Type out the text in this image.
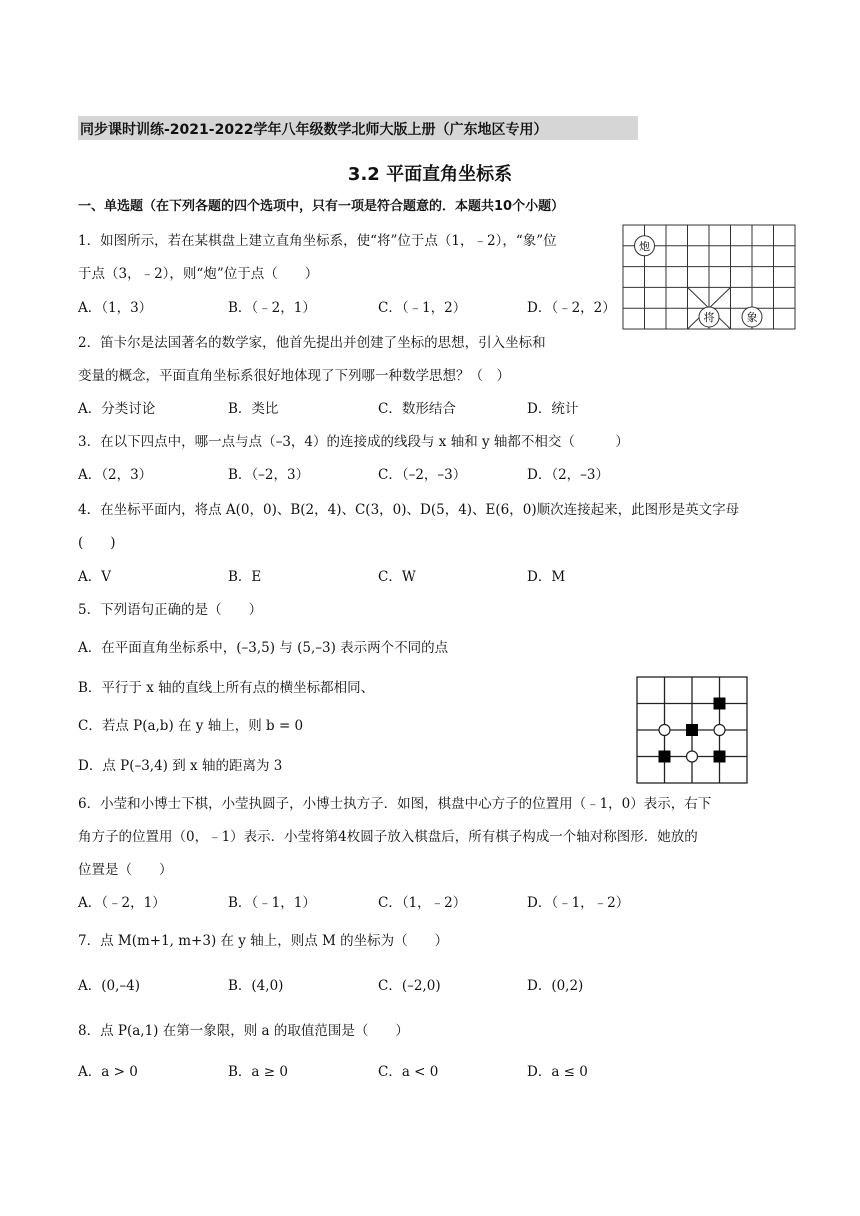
同步课时训练-2021-2022学年八年级数学北师大版上册（广东地区专用）
3.2 平面直角坐标系
一、单选题（在下列各题的四个选项中，只有一项是符合题意的．本题共10个小题）
1．如图所示，若在某棋盘上建立直角坐标系，使“将”位于点（1，﹣2），“象”位
于点（3，﹣2），则“炮”位于点（　　）
A．（1，3）	B．（﹣2，1）	C．（﹣1，2）	D．（﹣2，2）
炮
将	象
2．笛卡尔是法国著名的数学家，他首先提出并创建了坐标的思想，引入坐标和
变量的概念，平面直角坐标系很好地体现了下列哪一种数学思想？（　）
A．分类讨论	B．类比	C．数形结合	D．统计
3．在以下四点中，哪一点与点（–3，4）的连接成的线段与 x 轴和 y 轴都不相交（　　　）
A．（2，3）	B．（–2，3）	C．（–2，–3）	D．（2，–3）
4．在坐标平面内，将点 A(0，0)、B(2，4)、C(3，0)、D(5，4)、E(6，0)顺次连接起来，此图形是英文字母
(　　)
A．V	B．E	C．W	D．M
5．下列语句正确的是（　　）
A．在平面直角坐标系中，(–3,5) 与 (5,–3) 表示两个不同的点
B．平行于 x 轴的直线上所有点的横坐标都相同、
C．若点 P(a,b) 在 y 轴上，则 b = 0
D．点 P(–3,4) 到 x 轴的距离为 3
6．小莹和小博士下棋，小莹执圆子，小博士执方子．如图，棋盘中心方子的位置用（﹣1，0）表示，右下
角方子的位置用（0，﹣1）表示．小莹将第4枚圆子放入棋盘后，所有棋子构成一个轴对称图形．她放的
位置是（　　）
A．（﹣2，1）	B．（﹣1，1）	C．（1，﹣2）	D．（﹣1，﹣2）
7．点 M(m+1, m+3) 在 y 轴上，则点 M 的坐标为（　　）
A．(0,–4)	B．(4,0)	C．(–2,0)	D．(0,2)
8．点 P(a,1) 在第一象限，则 a 的取值范围是（　　）
A．a > 0	B．a ≥ 0	C．a < 0	D．a ≤ 0
